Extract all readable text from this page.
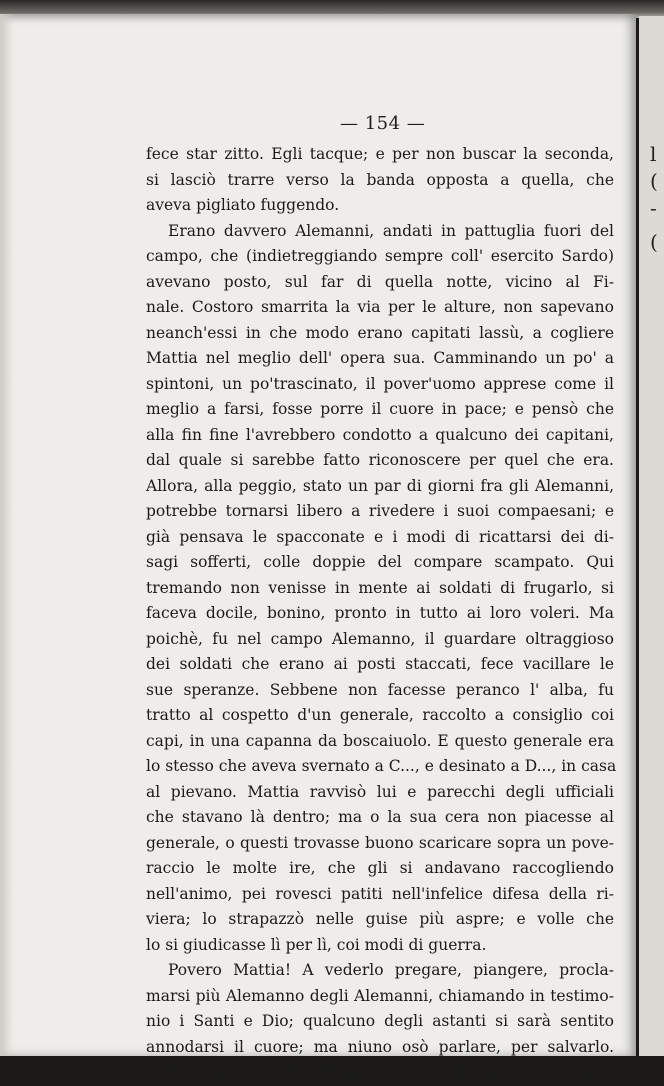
— 154 —
fece star zitto. Egli tacque; e per non buscar la seconda,
si lasciò trarre verso la banda opposta a quella, che
aveva pigliato fuggendo.
Erano davvero Alemanni, andati in pattuglia fuori del
campo, che (indietreggiando sempre coll' esercito Sardo)
avevano posto, sul far di quella notte, vicino al Fi-
nale. Costoro smarrita la via per le alture, non sapevano
neanch'essi in che modo erano capitati lassù, a cogliere
Mattia nel meglio dell' opera sua. Camminando un po' a
spintoni, un po'trascinato, il pover'uomo apprese come il
meglio a farsi, fosse porre il cuore in pace; e pensò che
alla fin fine l'avrebbero condotto a qualcuno dei capitani,
dal quale si sarebbe fatto riconoscere per quel che era.
Allora, alla peggio, stato un par di giorni fra gli Alemanni,
potrebbe tornarsi libero a rivedere i suoi compaesani; e
già pensava le spacconate e i modi di ricattarsi dei di-
sagi sofferti, colle doppie del compare scampato. Qui
tremando non venisse in mente ai soldati di frugarlo, si
faceva docile, bonino, pronto in tutto ai loro voleri. Ma
poichè, fu nel campo Alemanno, il guardare oltraggioso
dei soldati che erano ai posti staccati, fece vacillare le
sue speranze. Sebbene non facesse peranco l' alba, fu
tratto al cospetto d'un generale, raccolto a consiglio coi
capi, in una capanna da boscaiuolo. E questo generale era
lo stesso che aveva svernato a C..., e desinato a D..., in casa
al pievano. Mattia ravvisò lui e parecchi degli ufficiali
che stavano là dentro; ma o la sua cera non piacesse al
generale, o questi trovasse buono scaricare sopra un pove-
raccio le molte ire, che gli si andavano raccogliendo
nell'animo, pei rovesci patiti nell'infelice difesa della ri-
viera; lo strapazzò nelle guise più aspre; e volle che
lo si giudicasse lì per lì, coi modi di guerra.
Povero Mattia! A vederlo pregare, piangere, procla-
marsi più Alemanno degli Alemanni, chiamando in testimo-
nio i Santi e Dio; qualcuno degli astanti si sarà sentito
annodarsi il cuore; ma niuno osò parlare, per salvarlo.
E buon per lui che d'improvviso s'udirono cavalieri per
l
(
-
(
